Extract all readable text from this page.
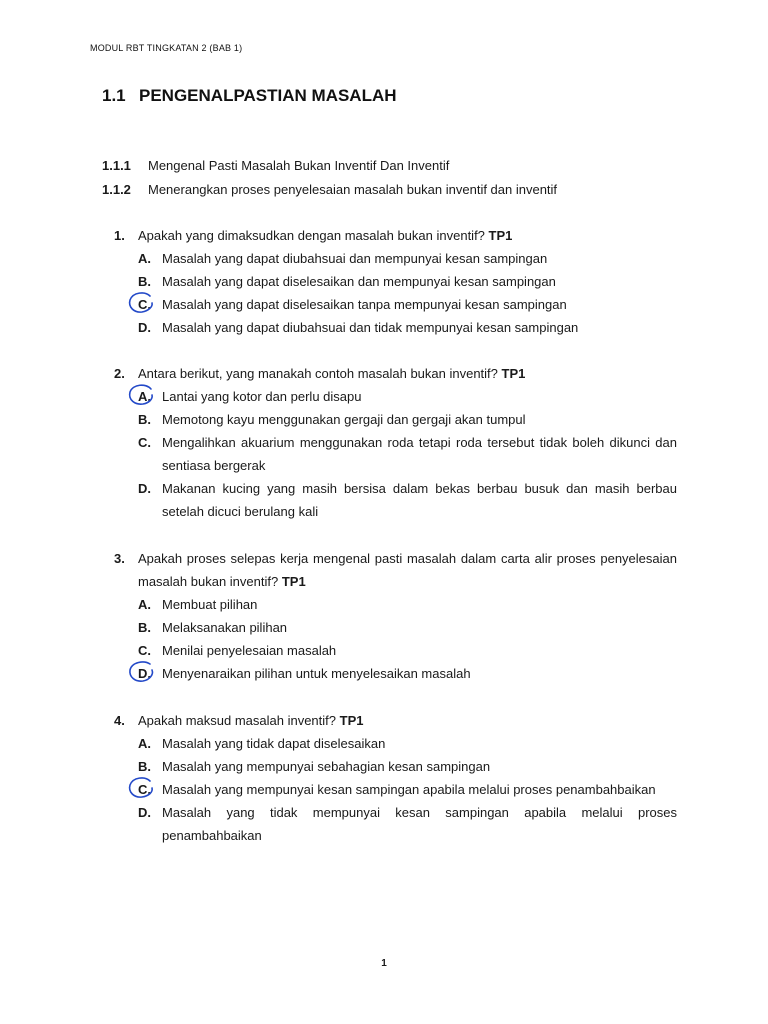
MODUL RBT TINGKATAN 2 (BAB 1)
1.1 PENGENALPASTIAN MASALAH
1.1.1 Mengenal Pasti Masalah Bukan Inventif Dan Inventif
1.1.2 Menerangkan proses penyelesaian masalah bukan inventif dan inventif
1. Apakah yang dimaksudkan dengan masalah bukan inventif? TP1
A. Masalah yang dapat diubahsuai dan mempunyai kesan sampingan
B. Masalah yang dapat diselesaikan dan mempunyai kesan sampingan
C. Masalah yang dapat diselesaikan tanpa mempunyai kesan sampingan
D. Masalah yang dapat diubahsuai dan tidak mempunyai kesan sampingan
2. Antara berikut, yang manakah contoh masalah bukan inventif? TP1
A. Lantai yang kotor dan perlu disapu
B. Memotong kayu menggunakan gergaji dan gergaji akan tumpul
C. Mengalihkan akuarium menggunakan roda tetapi roda tersebut tidak boleh dikunci dan sentiasa bergerak
D. Makanan kucing yang masih bersisa dalam bekas berbau busuk dan masih berbau setelah dicuci berulang kali
3. Apakah proses selepas kerja mengenal pasti masalah dalam carta alir proses penyelesaian masalah bukan inventif? TP1
A. Membuat pilihan
B. Melaksanakan pilihan
C. Menilai penyelesaian masalah
D. Menyenaraikan pilihan untuk menyelesaikan masalah
4. Apakah maksud masalah inventif? TP1
A. Masalah yang tidak dapat diselesaikan
B. Masalah yang mempunyai sebahagian kesan sampingan
C. Masalah yang mempunyai kesan sampingan apabila melalui proses penambahbaikan
D. Masalah yang tidak mempunyai kesan sampingan apabila melalui proses penambahbaikan
1
